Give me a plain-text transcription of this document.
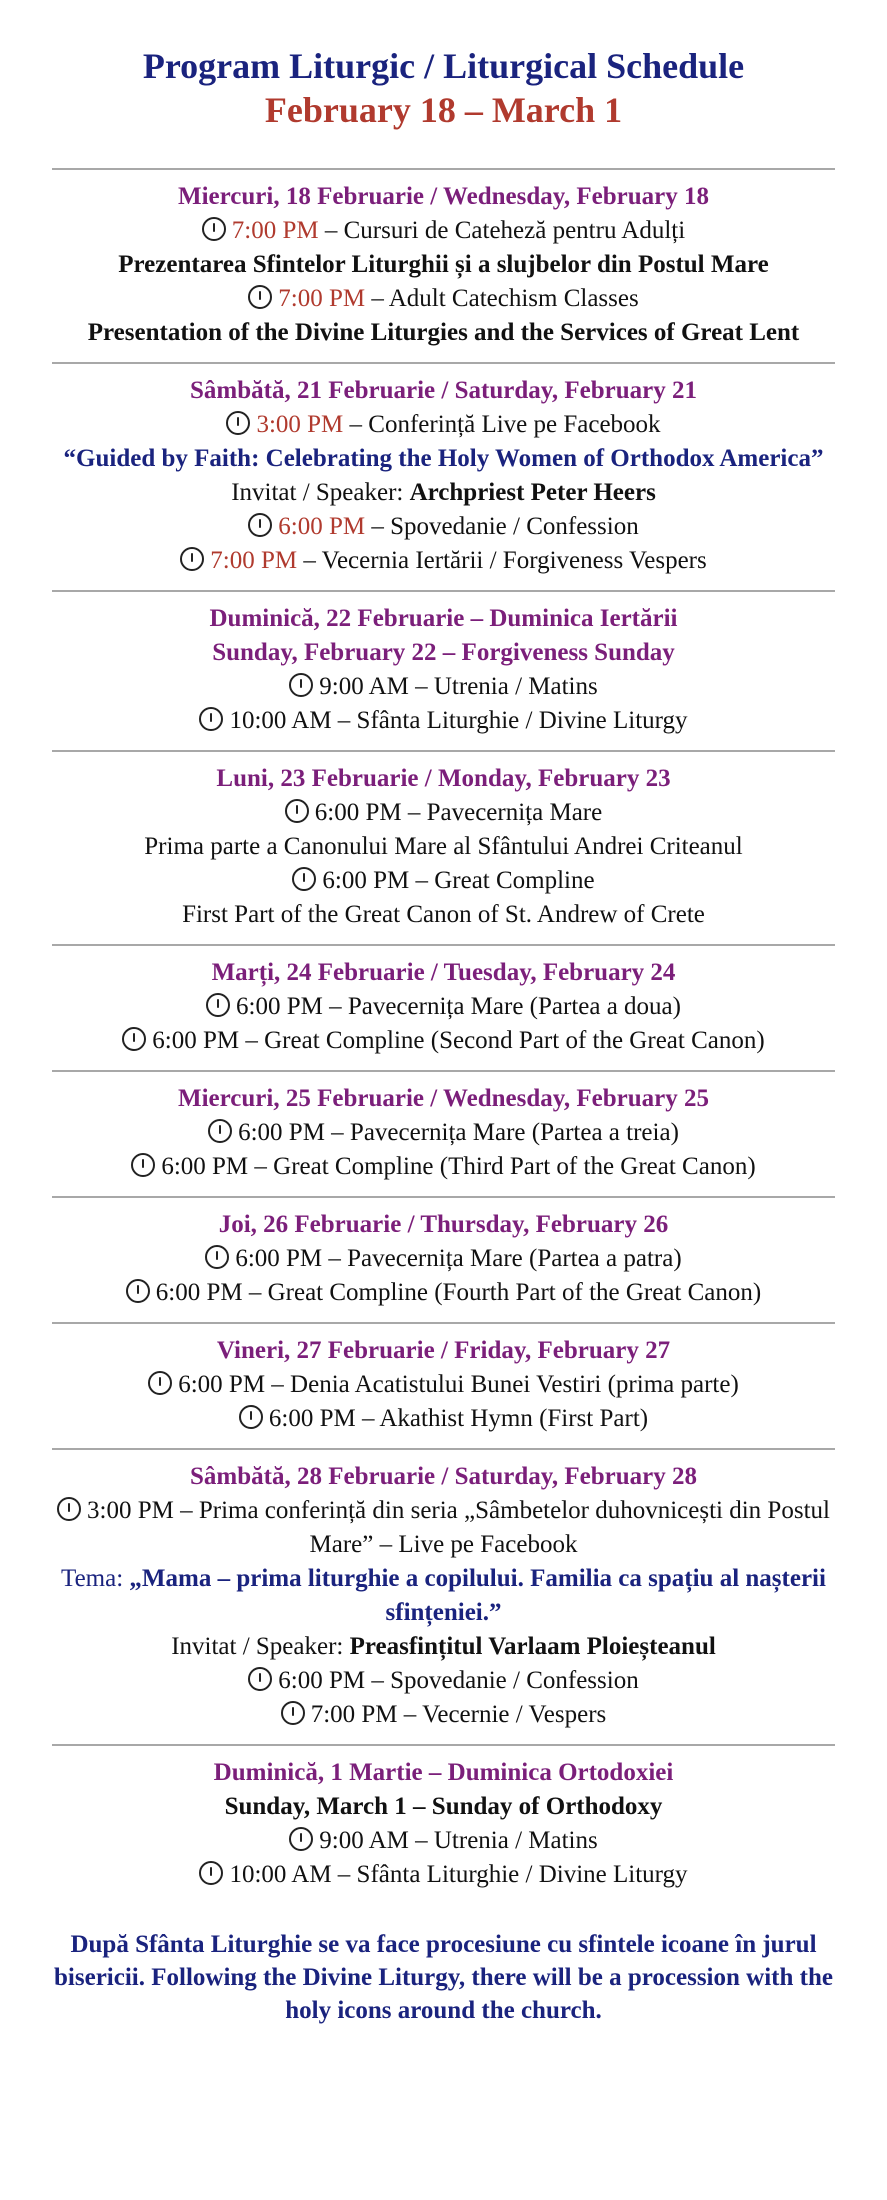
Program Liturgic / Liturgical Schedule
February 18 – March 1
Miercuri, 18 Februarie / Wednesday, February 18
7:00 PM – Cursuri de Cateheză pentru Adulți
Prezentarea Sfintelor Liturghii și a slujbelor din Postul Mare
7:00 PM – Adult Catechism Classes
Presentation of the Divine Liturgies and the Services of Great Lent
Sâmbătă, 21 Februarie / Saturday, February 21
3:00 PM – Conferință Live pe Facebook
“Guided by Faith: Celebrating the Holy Women of Orthodox America”
Invitat / Speaker: Archpriest Peter Heers
6:00 PM – Spovedanie / Confession
7:00 PM – Vecernia Iertării / Forgiveness Vespers
Duminică, 22 Februarie – Duminica Iertării
Sunday, February 22 – Forgiveness Sunday
9:00 AM – Utrenia / Matins
10:00 AM – Sfânta Liturghie / Divine Liturgy
Luni, 23 Februarie / Monday, February 23
6:00 PM – Pavecernița Mare
Prima parte a Canonului Mare al Sfântului Andrei Criteanul
6:00 PM – Great Compline
First Part of the Great Canon of St. Andrew of Crete
Marți, 24 Februarie / Tuesday, February 24
6:00 PM – Pavecernița Mare (Partea a doua)
6:00 PM – Great Compline (Second Part of the Great Canon)
Miercuri, 25 Februarie / Wednesday, February 25
6:00 PM – Pavecernița Mare (Partea a treia)
6:00 PM – Great Compline (Third Part of the Great Canon)
Joi, 26 Februarie / Thursday, February 26
6:00 PM – Pavecernița Mare (Partea a patra)
6:00 PM – Great Compline (Fourth Part of the Great Canon)
Vineri, 27 Februarie / Friday, February 27
6:00 PM – Denia Acatistului Bunei Vestiri (prima parte)
6:00 PM – Akathist Hymn (First Part)
Sâmbătă, 28 Februarie / Saturday, February 28
3:00 PM – Prima conferință din seria „Sâmbetelor duhovnicești din Postul Mare” – Live pe Facebook
Tema: „Mama – prima liturghie a copilului. Familia ca spațiu al nașterii sfințeniei.”
Invitat / Speaker: Preasfințitul Varlaam Ploieșteanul
6:00 PM – Spovedanie / Confession
7:00 PM – Vecernie / Vespers
Duminică, 1 Martie – Duminica Ortodoxiei
Sunday, March 1 – Sunday of Orthodoxy
9:00 AM – Utrenia / Matins
10:00 AM – Sfânta Liturghie / Divine Liturgy
După Sfânta Liturghie se va face procesiune cu sfintele icoane în jurul bisericii. Following the Divine Liturgy, there will be a procession with the holy icons around the church.
